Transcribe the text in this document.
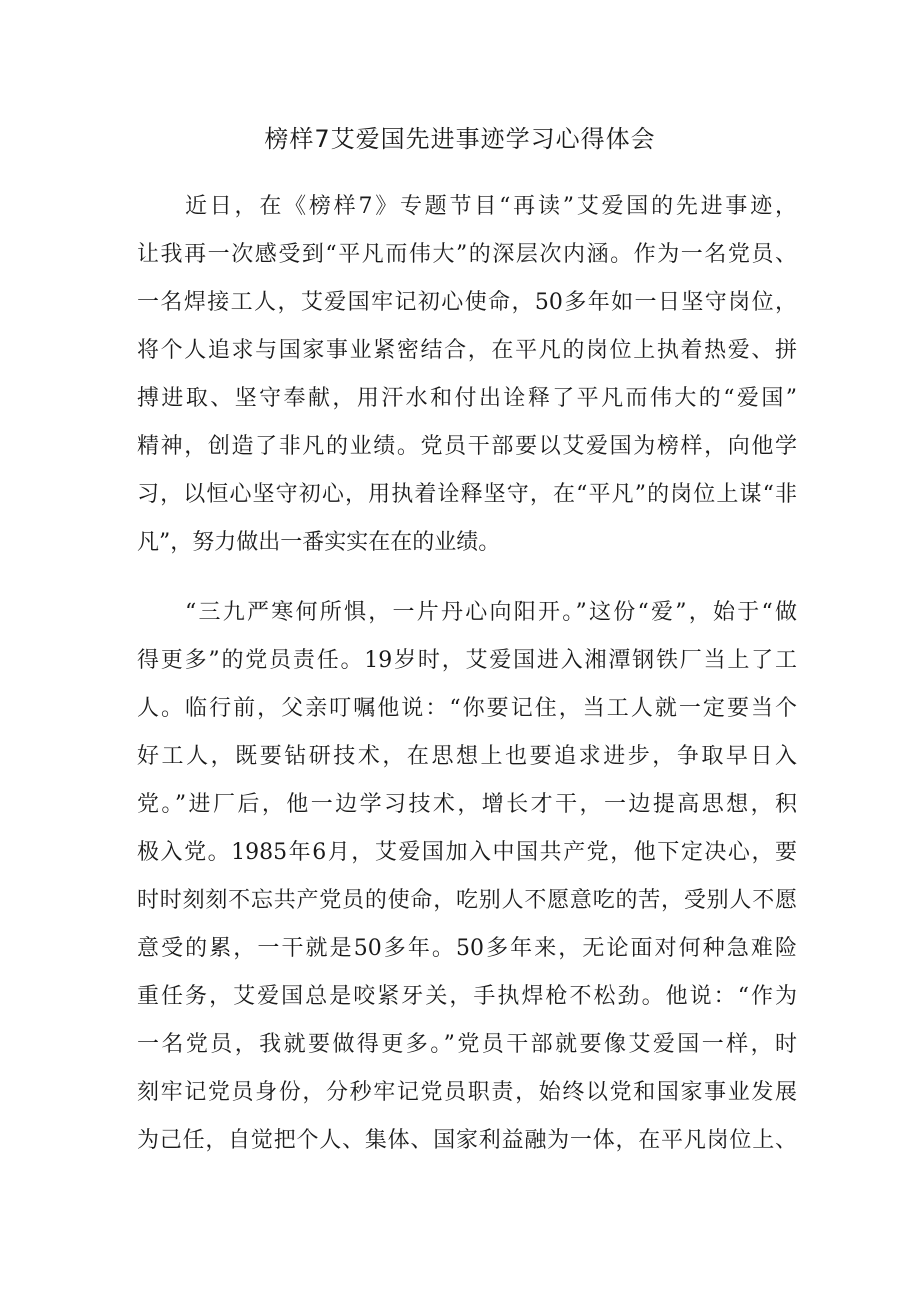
榜样7艾爱国先进事迹学习心得体会
近日，在《榜样7》专题节目“再读”艾爱国的先进事迹，
让我再一次感受到“平凡而伟大”的深层次内涵。作为一名党员、
一名焊接工人，艾爱国牢记初心使命，50多年如一日坚守岗位，
将个人追求与国家事业紧密结合，在平凡的岗位上执着热爱、拼
搏进取、坚守奉献，用汗水和付出诠释了平凡而伟大的“爱国”
精神，创造了非凡的业绩。党员干部要以艾爱国为榜样，向他学
习，以恒心坚守初心，用执着诠释坚守，在“平凡”的岗位上谋“非
凡”，努力做出一番实实在在的业绩。
“三九严寒何所惧，一片丹心向阳开。”这份“爱”，始于“做
得更多”的党员责任。19岁时，艾爱国进入湘潭钢铁厂当上了工
人。临行前，父亲叮嘱他说：“你要记住，当工人就一定要当个
好工人，既要钻研技术，在思想上也要追求进步，争取早日入
党。”进厂后，他一边学习技术，增长才干，一边提高思想，积
极入党。1985年6月，艾爱国加入中国共产党，他下定决心，要
时时刻刻不忘共产党员的使命，吃别人不愿意吃的苦，受别人不愿
意受的累，一干就是50多年。50多年来，无论面对何种急难险
重任务，艾爱国总是咬紧牙关，手执焊枪不松劲。他说：“作为
一名党员，我就要做得更多。”党员干部就要像艾爱国一样，时
刻牢记党员身份，分秒牢记党员职责，始终以党和国家事业发展
为己任，自觉把个人、集体、国家利益融为一体，在平凡岗位上、
